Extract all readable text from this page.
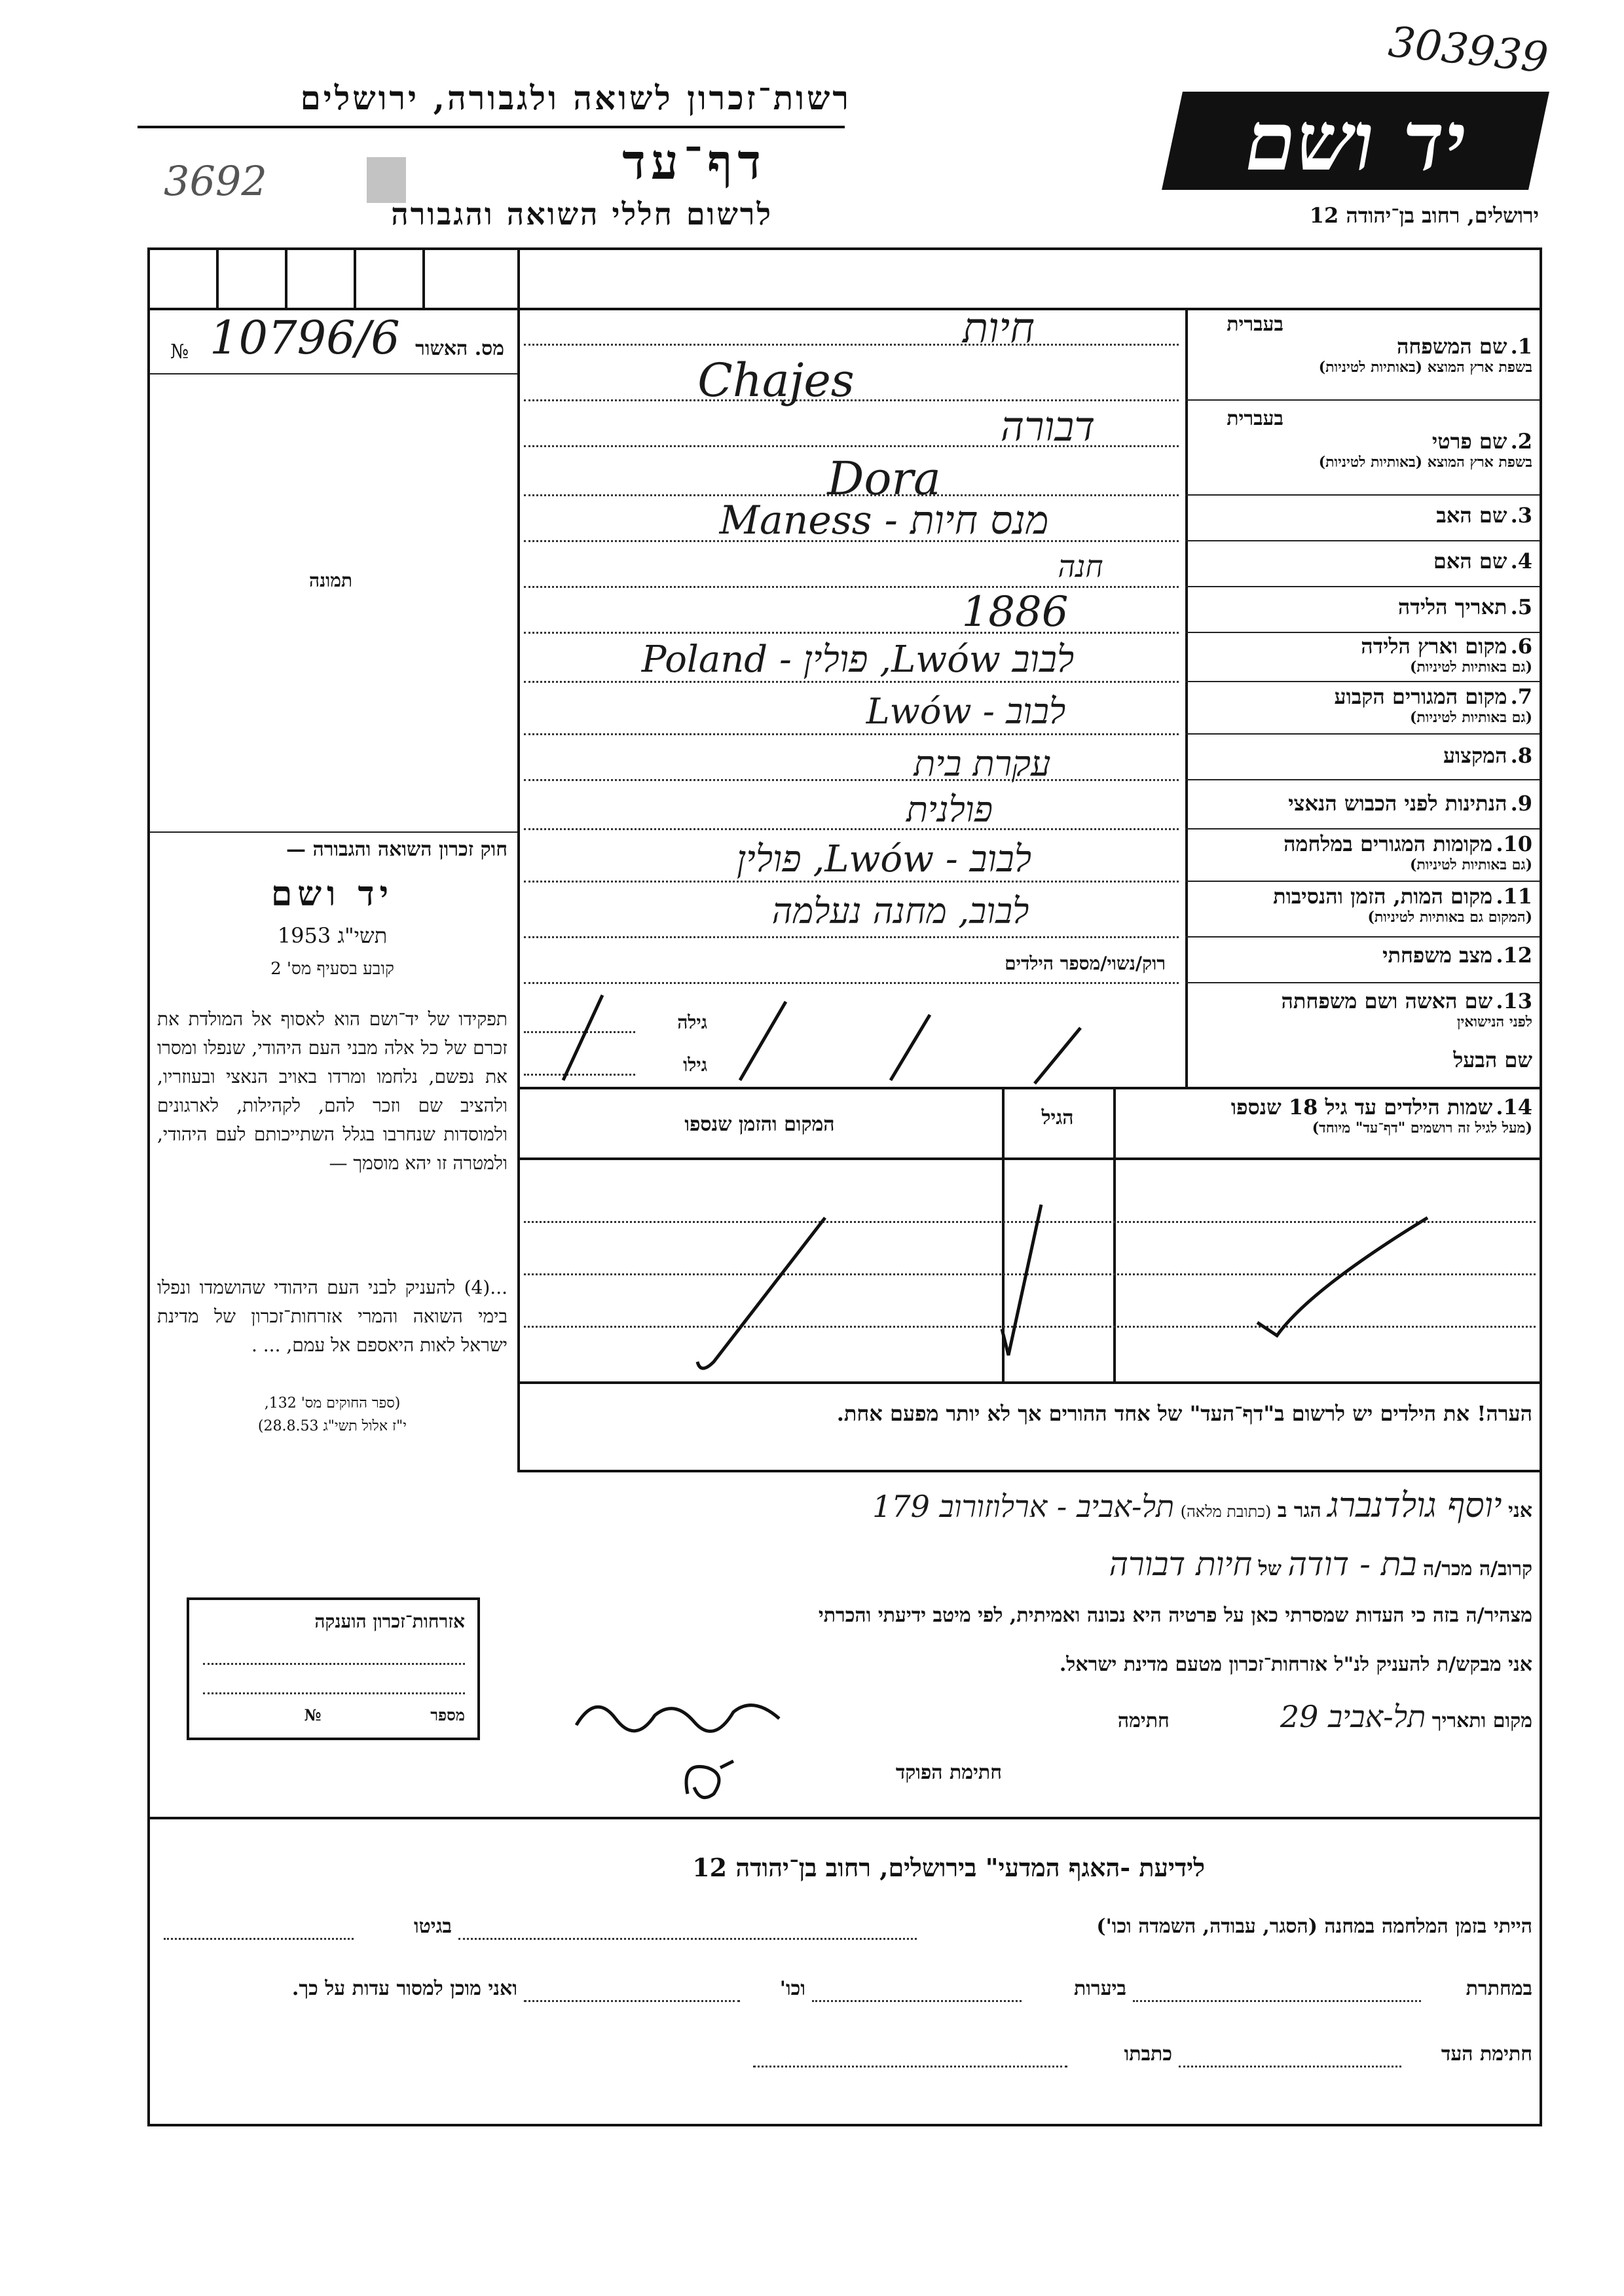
303939
רשות־זכרון לשואה ולגבורה, ירושלים
דף־עד
3692
לרשום חללי השואה והגבורה
יד ושם
ירושלים, רחוב בן־יהודה 12
№ 10796/6 מס. האשור
תמונה
חוק זכרון השואה והגבורה —
יד ושם
תשי"ג 1953
קובע בסעיף מס' 2
תפקידו של יד־ושם הוא לאסוף אל המולדת את זכרם של כל אלה מבני העם היהודי, שנפלו ומסרו את נפשם, נלחמו ומרדו באויב הנאצי ובעוזריו, ולהציב שם וזכר להם, לקהילות, לארגונים ולמוסדות שנחרבו בגלל השתייכותם לעם היהודי, ולמטרה זו יהא מוסמך —
...(4) להעניק לבני העם היהודי שהושמדו ונפלו בימי השואה והמרי אזרחות־זכרון של מדינת ישראל לאות היאספם אל עמם, ... .
(ספר החוקים מס' 132,
י"ז אלול תשי"ג 28.8.53)
בעברית
בעברית
1. שם המשפחה
בשפת ארץ המוצא (באותיות לטיניות)
2. שם פרטי
בשפת ארץ המוצא (באותיות לטיניות)
3. שם האב
4. שם האם
5. תאריך הלידה
6. מקום וארץ הלידה
(גם באותיות לטיניות)
7. מקום המגורים הקבוע
(גם באותיות לטיניות)
8. המקצוע
9. הנתינות לפני הכבוש הנאצי
10. מקומות המגורים במלחמה
(גם באותיות לטיניות)
11. מקום המות, הזמן והנסיבות
(המקום גם באותיות לטיניות)
12. מצב משפחתי
13. שם האשה ושם משפחתה
לפני הנישואין
שם הבעל
חיות
Chajes
דבורה
Dora
מנס חיות - Maness
חנה
1886
לבוב Lwów, פולין - Poland
לבוב - Lwów
עקרת בית
פולנית
לבוב - Lwów, פולין
לבוב, מחנה נעלמה
רוק/נשוי/מספר הילדים
גילה
גילו
14. שמות הילדים עד גיל 18 שנספו
(מעל לגיל זה רושמים "דף־עד" מיוחד)
הגיל
המקום והזמן שנספו
הערה! את הילדים יש לרשום ב"דף־העד" של אחד ההורים אך לא יותר מפעם אחת.
אני יוסף גולדנברג הגר ב (כתובת מלאה) תל-אביב - ארלוזורוב 179
קרוב/ה מכר/ה בת - דודה של חיות דבורה
מצהיר/ה בזה כי העדות שמסרתי כאן על פרטיה היא נכונה ואמיתית, לפי מיטב ידיעתי והכרתי
אני מבקש/ת להעניק לנ"ל אזרחות־זכרון מטעם מדינת ישראל.
מקום ותאריך תל-אביב 29  חתימה
חתימת הפוקד
אזרחות־זכרון הוענקה
מספר  №
לידיעת -האגף המדעי" בירושלים, רחוב בן־יהודה 12
הייתי בזמן המלחמה במחנה (הסגר, עבודה, השמדה וכו')
בגיטו
במחתרת
ביערות
וכו'
ואני מוכן למסור עדות על כך.
חתימת העד
כתבתו
